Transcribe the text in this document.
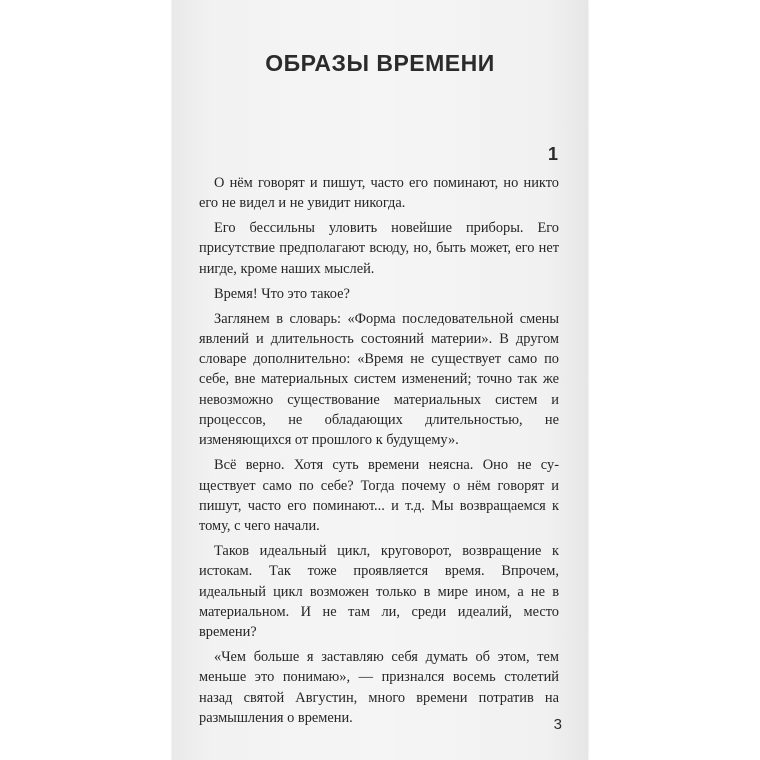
ОБРАЗЫ ВРЕМЕНИ
1

О нём говорят и пишут, часто его поминают, но никто его не видел и не увидит никогда.

Его бессильны уловить новейшие приборы. Его присутствие предполагают всюду, но, быть может, его нет нигде, кроме наших мыслей.

Время! Что это такое?

Заглянем в словарь: «Форма последовательной смены явлений и длительность состояний материи». В другом словаре дополнительно: «Время не существует само по себе, вне материальных систем изменений; точно так же невозможно существование материальных систем и процессов, не обладающих длительностью, не изменяющихся от прошлого к будущему».

Всё верно. Хотя суть времени неясна. Оно не существует само по себе? Тогда почему о нём говорят и пишут, часто его поминают... и т.д. Мы возвращаемся к тому, с чего начали.

Таков идеальный цикл, круговорот, возвращение к истокам. Так тоже проявляется время. Впрочем, идеальный цикл возможен только в мире ином, а не в материальном. И не там ли, среди идеалий, место времени?

«Чем больше я заставляю себя думать об этом, тем меньше это понимаю», — признался восемь столетий назад святой Августин, много времени потратив на размышления о времени.	3
